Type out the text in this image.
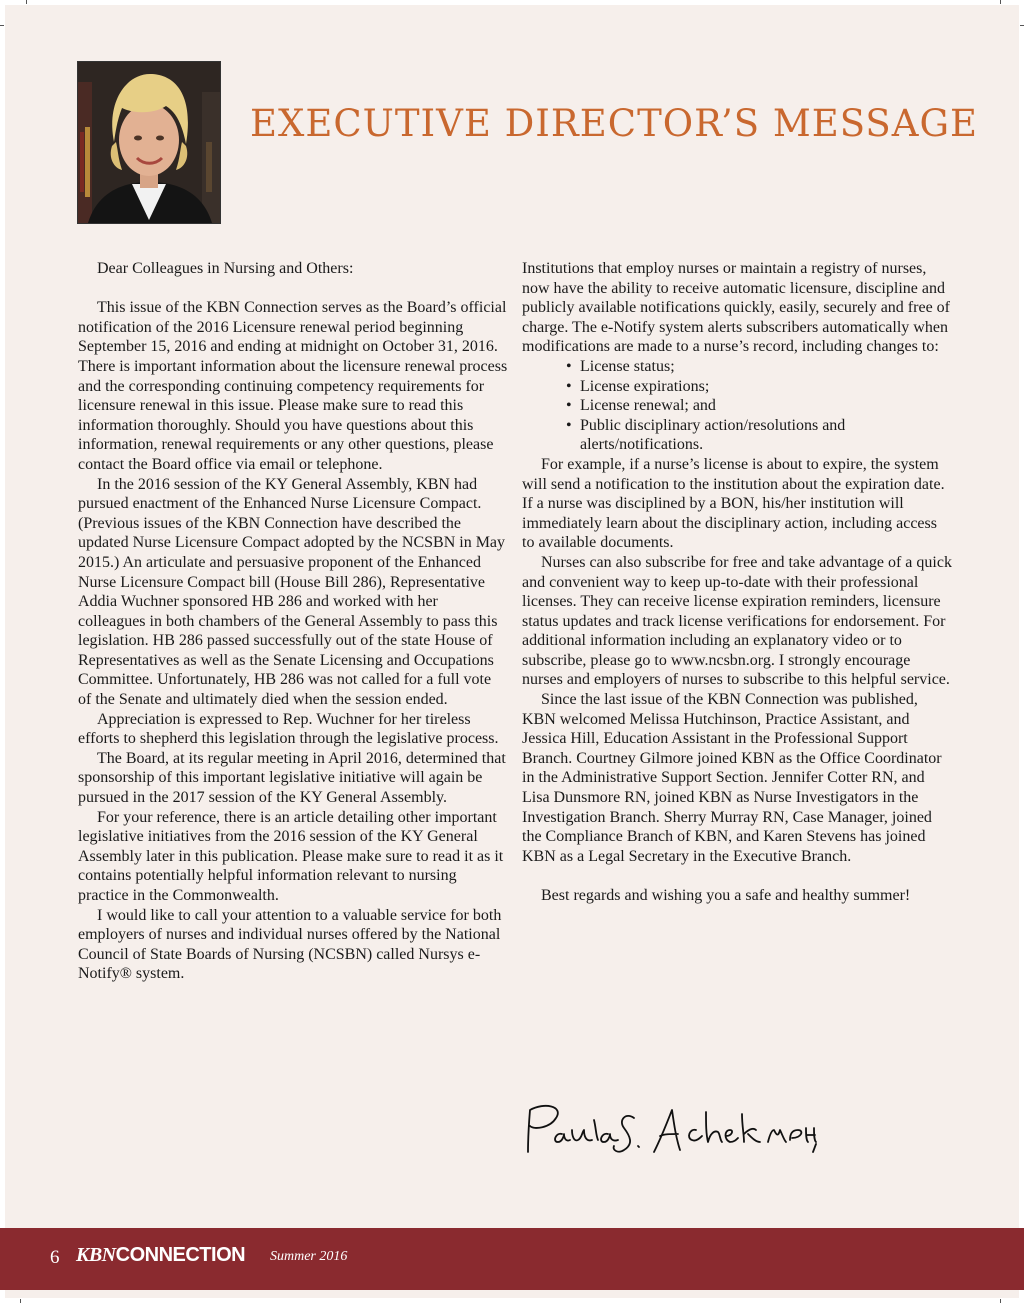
EXECUTIVE DIRECTOR’S MESSAGE

Dear Colleagues in Nursing and Others:

This issue of the KBN Connection serves as the Board’s official notification of the 2016 Licensure renewal period beginning September 15, 2016 and ending at midnight on October 31, 2016. There is important information about the licensure renewal process and the corresponding continuing competency requirements for licensure renewal in this issue. Please make sure to read this information thoroughly. Should you have questions about this information, renewal requirements or any other questions, please contact the Board office via email or telephone.

In the 2016 session of the KY General Assembly, KBN had pursued enactment of the Enhanced Nurse Licensure Compact. (Previous issues of the KBN Connection have described the updated Nurse Licensure Compact adopted by the NCSBN in May 2015.) An articulate and persuasive proponent of the Enhanced Nurse Licensure Compact bill (House Bill 286), Representative Addia Wuchner sponsored HB 286 and worked with her colleagues in both chambers of the General Assembly to pass this legislation. HB 286 passed successfully out of the state House of Representatives as well as the Senate Licensing and Occupations Committee. Unfortunately, HB 286 was not called for a full vote of the Senate and ultimately died when the session ended.

Appreciation is expressed to Rep. Wuchner for her tireless efforts to shepherd this legislation through the legislative process.

The Board, at its regular meeting in April 2016, determined that sponsorship of this important legislative initiative will again be pursued in the 2017 session of the KY General Assembly.

For your reference, there is an article detailing other important legislative initiatives from the 2016 session of the KY General Assembly later in this publication. Please make sure to read it as it contains potentially helpful information relevant to nursing practice in the Commonwealth.

I would like to call your attention to a valuable service for both employers of nurses and individual nurses offered by the National Council of State Boards of Nursing (NCSBN) called Nursys e-Notify® system.

Institutions that employ nurses or maintain a registry of nurses, now have the ability to receive automatic licensure, discipline and publicly available notifications quickly, easily, securely and free of charge. The e-Notify system alerts subscribers automatically when modifications are made to a nurse’s record, including changes to:

• License status;
• License expirations;
• License renewal; and
• Public disciplinary action/resolutions and alerts/notifications.

For example, if a nurse’s license is about to expire, the system will send a notification to the institution about the expiration date. If a nurse was disciplined by a BON, his/her institution will immediately learn about the disciplinary action, including access to available documents.

Nurses can also subscribe for free and take advantage of a quick and convenient way to keep up-to-date with their professional licenses. They can receive license expiration reminders, licensure status updates and track license verifications for endorsement. For additional information including an explanatory video or to subscribe, please go to www.ncsbn.org. I strongly encourage nurses and employers of nurses to subscribe to this helpful service.

Since the last issue of the KBN Connection was published, KBN welcomed Melissa Hutchinson, Practice Assistant, and Jessica Hill, Education Assistant in the Professional Support Branch. Courtney Gilmore joined KBN as the Office Coordinator in the Administrative Support Section. Jennifer Cotter RN, and Lisa Dunsmore RN, joined KBN as Nurse Investigators in the Investigation Branch. Sherry Murray RN, Case Manager, joined the Compliance Branch of KBN, and Karen Stevens has joined KBN as a Legal Secretary in the Executive Branch.

Best regards and wishing you a safe and healthy summer!

6 KBNCONNECTION Summer 2016
